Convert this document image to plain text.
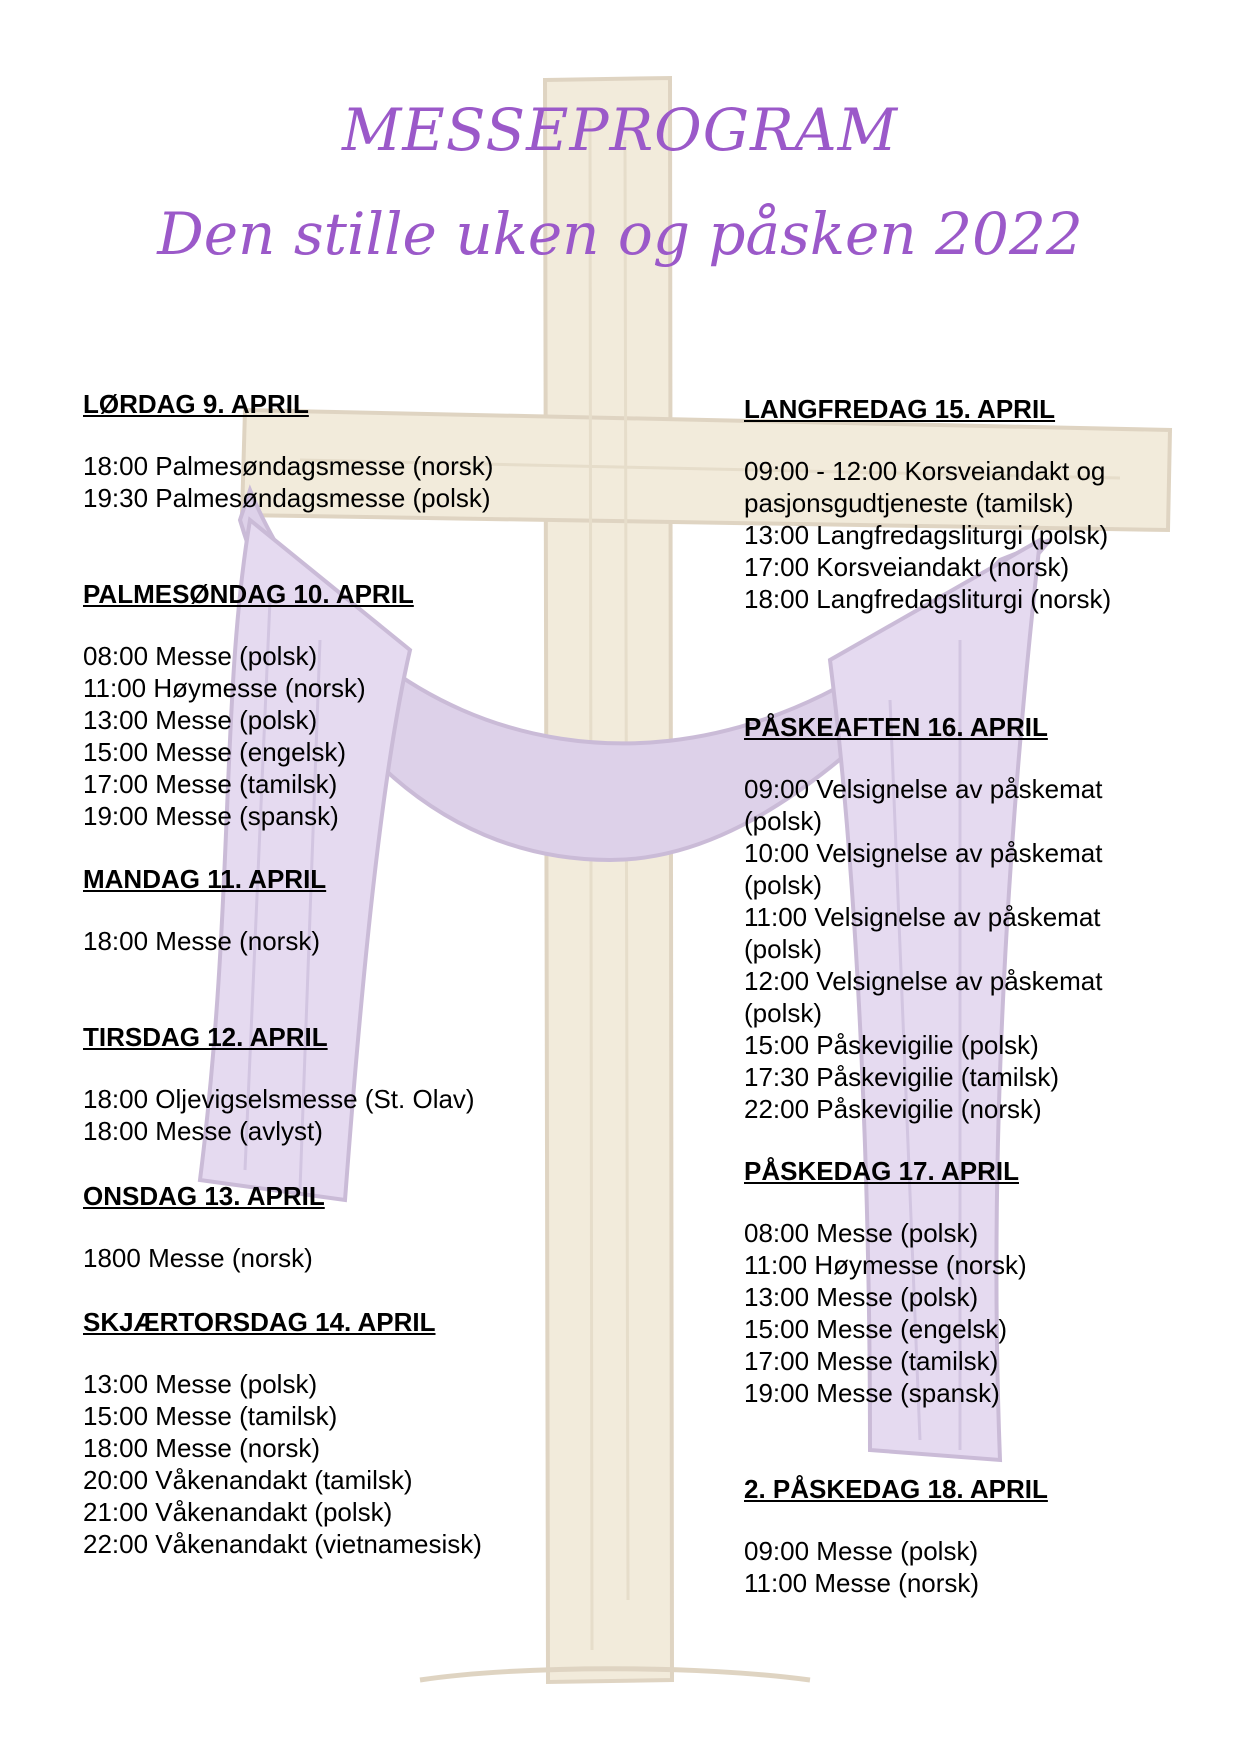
MESSEPROGRAM
Den stille uken og påsken 2022
LØRDAG 9. APRIL
18:00 Palmesøndagsmesse (norsk)
19:30 Palmesøndagsmesse (polsk)
PALMESØNDAG 10. APRIL
08:00 Messe (polsk)
11:00 Høymesse (norsk)
13:00 Messe (polsk)
15:00 Messe (engelsk)
17:00 Messe (tamilsk)
19:00 Messe (spansk)
MANDAG 11. APRIL
18:00 Messe (norsk)
TIRSDAG 12. APRIL
18:00 Oljevigselsmesse (St. Olav)
18:00 Messe (avlyst)
ONSDAG 13. APRIL
1800 Messe (norsk)
SKJÆRTORSDAG 14. APRIL
13:00 Messe (polsk)
15:00 Messe (tamilsk)
18:00 Messe (norsk)
20:00 Våkenandakt (tamilsk)
21:00 Våkenandakt (polsk)
22:00 Våkenandakt (vietnamesisk)
LANGFREDAG 15. APRIL
09:00 - 12:00 Korsveiandakt og pasjonsgudtjeneste (tamilsk)
13:00 Langfredagsliturgi (polsk)
17:00 Korsveiandakt (norsk)
18:00 Langfredagsliturgi (norsk)
PÅSKEAFTEN 16. APRIL
09:00 Velsignelse av påskemat (polsk)
10:00 Velsignelse av påskemat (polsk)
11:00 Velsignelse av påskemat (polsk)
12:00 Velsignelse av påskemat (polsk)
15:00 Påskevigilie (polsk)
17:30 Påskevigilie (tamilsk)
22:00 Påskevigilie (norsk)
PÅSKEDAG 17. APRIL
08:00 Messe (polsk)
11:00 Høymesse (norsk)
13:00 Messe (polsk)
15:00 Messe (engelsk)
17:00 Messe (tamilsk)
19:00 Messe (spansk)
2. PÅSKEDAG 18. APRIL
09:00 Messe (polsk)
11:00 Messe (norsk)
